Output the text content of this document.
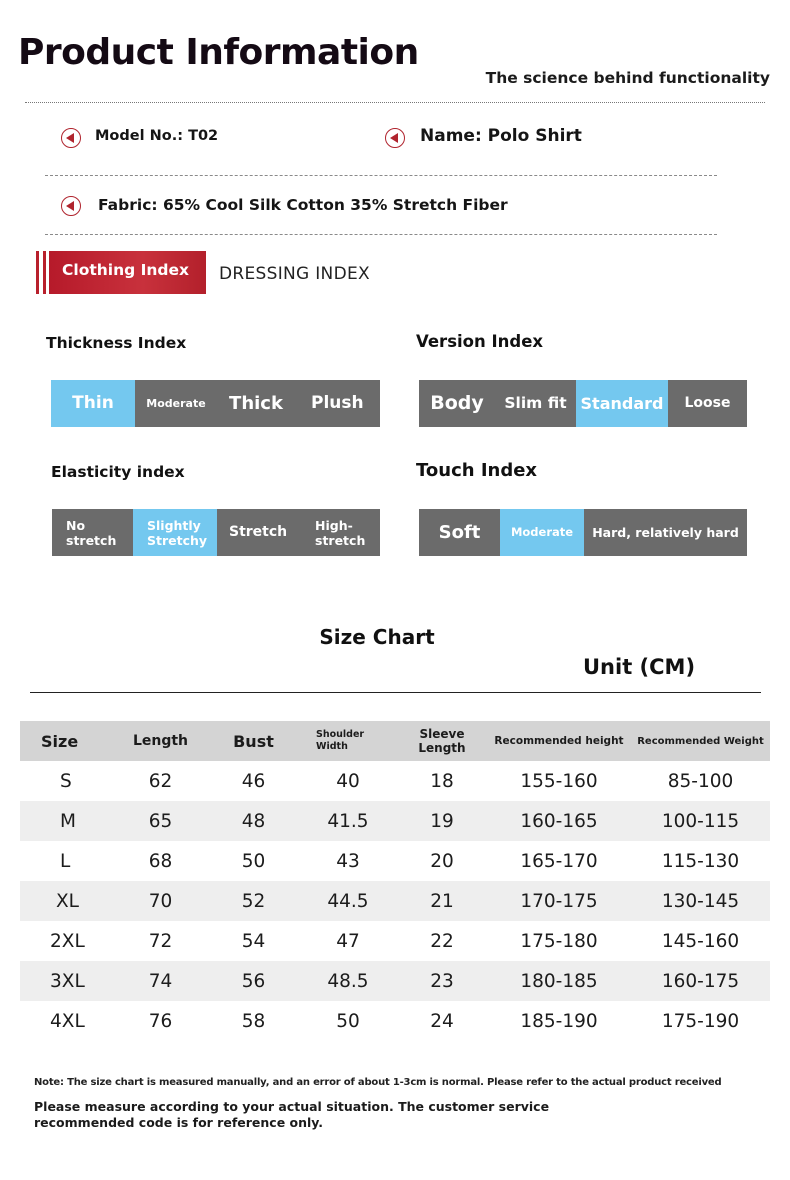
Product Information
The science behind functionality
Model No.: T02	Name: Polo Shirt
Fabric: 65% Cool Silk Cotton 35% Stretch Fiber
Clothing Index	DRESSING INDEX
Thickness Index
Thin	Moderate	Thick	Plush
Version Index
Body	Slim fit Standard	Loose
Elasticity index
No stretch
Slightly Stretchy	Stretch	High-stretch
Touch Index
Soft	Moderate	Hard, relatively hard
Size Chart
Unit (CM)
Size	Length	Bust	Shoulder Width	Sleeve Length	Recommended height	Recommended Weight
S	62	46	40	18	155-160	85-100
M	65	48	41.5	19	160-165	100-115
L	68	50	43	20	165-170	115-130
XL	70	52	44.5	21	170-175	130-145
2XL	72	54	47	22	175-180	145-160
3XL	74	56	48.5	23	180-185	160-175
4XL	76	58	50	24	185-190	175-190
Note: The size chart is measured manually, and an error of about 1-3cm is normal. Please refer to the actual product received
Please measure according to your actual situation. The customer service recommended code is for reference only.
